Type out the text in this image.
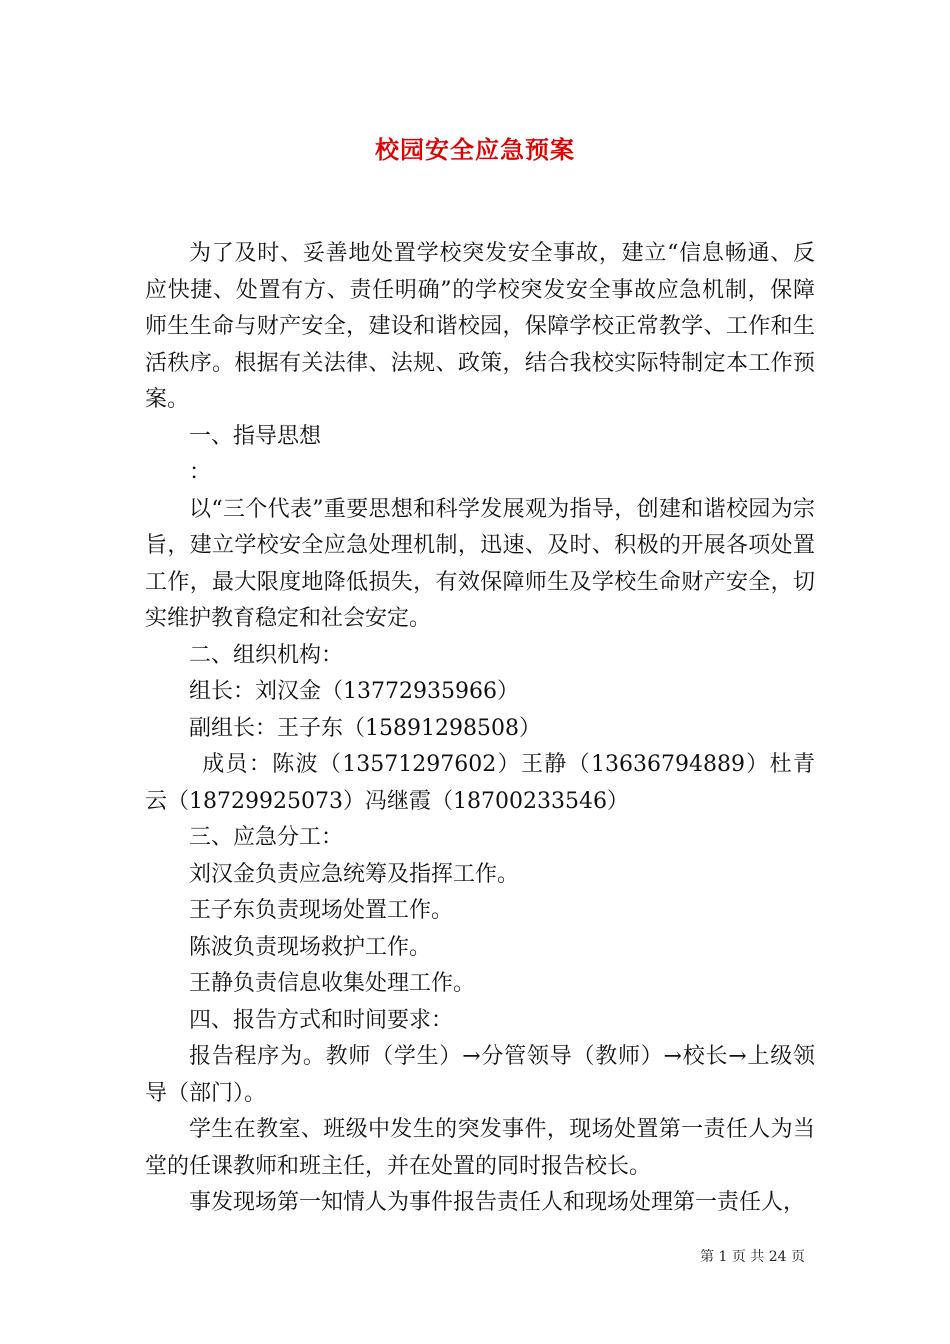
校园安全应急预案

为了及时、妥善地处置学校突发安全事故，建立“信息畅通、反应快捷、处置有方、责任明确”的学校突发安全事故应急机制，保障师生生命与财产安全，建设和谐校园，保障学校正常教学、工作和生活秩序。根据有关法律、法规、政策，结合我校实际特制定本工作预案。

一、指导思想

：

以“三个代表”重要思想和科学发展观为指导，创建和谐校园为宗旨，建立学校安全应急处理机制，迅速、及时、积极的开展各项处置工作，最大限度地降低损失，有效保障师生及学校生命财产安全，切实维护教育稳定和社会安定。

二、组织机构：

组长：刘汉金（13772935966）

副组长：王子东（15891298508）

成员：陈波（13571297602）王静（13636794889）杜青云（18729925073）冯继霞（18700233546）

三、应急分工：

刘汉金负责应急统筹及指挥工作。

王子东负责现场处置工作。

陈波负责现场救护工作。

王静负责信息收集处理工作。

四、报告方式和时间要求：

报告程序为。教师（学生）→分管领导（教师）→校长→上级领导（部门）。

学生在教室、班级中发生的突发事件，现场处置第一责任人为当堂的任课教师和班主任，并在处置的同时报告校长。

事发现场第一知情人为事件报告责任人和现场处理第一责任人，

第 1 页 共 24 页
